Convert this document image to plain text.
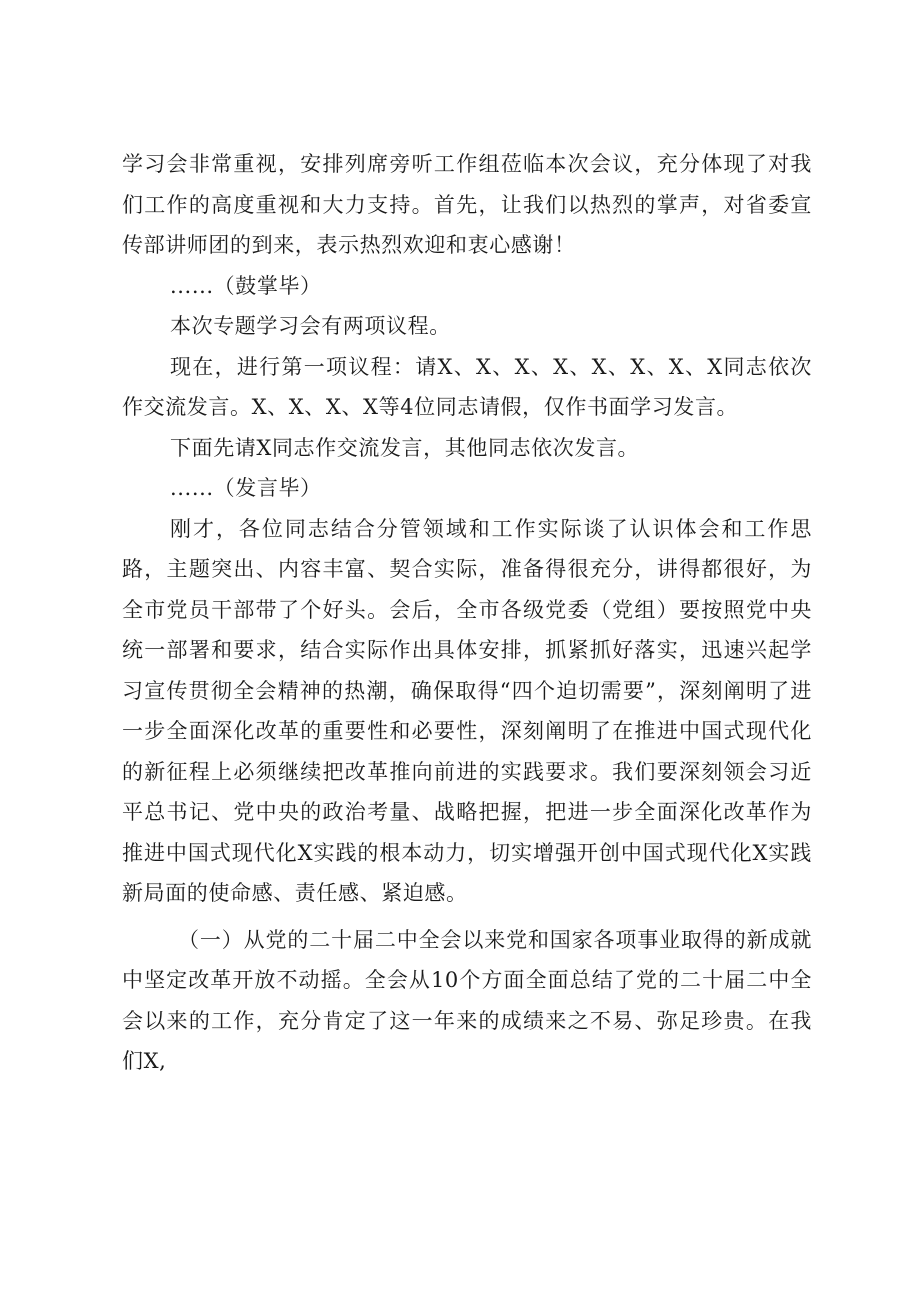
学习会非常重视，安排列席旁听工作组莅临本次会议，充分体现了对我们工作的高度重视和大力支持。首先，让我们以热烈的掌声，对省委宣传部讲师团的到来，表示热烈欢迎和衷心感谢！

......（鼓掌毕）

本次专题学习会有两项议程。

现在，进行第一项议程：请X、X、X、X、X、X、X、X同志依次作交流发言。X、X、X、X等4位同志请假，仅作书面学习发言。

下面先请X同志作交流发言，其他同志依次发言。

......（发言毕）

刚才，各位同志结合分管领域和工作实际谈了认识体会和工作思路，主题突出、内容丰富、契合实际，准备得很充分，讲得都很好，为全市党员干部带了个好头。会后，全市各级党委（党组）要按照党中央统一部署和要求，结合实际作出具体安排，抓紧抓好落实，迅速兴起学习宣传贯彻全会精神的热潮，确保取得“四个迫切需要”，深刻阐明了进一步全面深化改革的重要性和必要性，深刻阐明了在推进中国式现代化的新征程上必须继续把改革推向前进的实践要求。我们要深刻领会习近平总书记、党中央的政治考量、战略把握，把进一步全面深化改革作为推进中国式现代化X实践的根本动力，切实增强开创中国式现代化X实践新局面的使命感、责任感、紧迫感。

（一）从党的二十届二中全会以来党和国家各项事业取得的新成就中坚定改革开放不动摇。全会从10个方面全面总结了党的二十届二中全会以来的工作，充分肯定了这一年来的成绩来之不易、弥足珍贵。在我们X,
